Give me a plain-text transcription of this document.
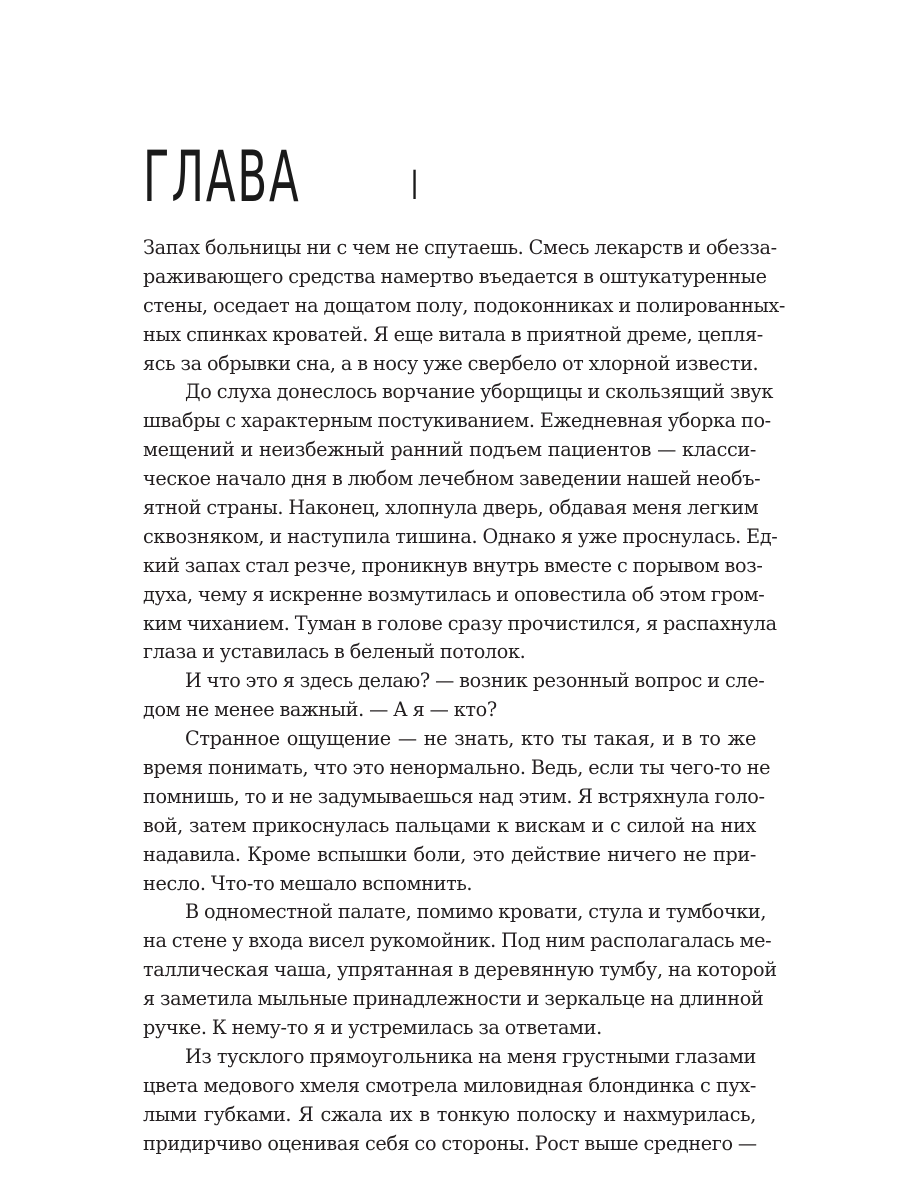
ГЛАВА	I
Запах больницы ни с чем не спутаешь. Смесь лекарств и обезза-
раживающего средства намертво въедается в оштукатуренные
стены, оседает на дощатом полу, подоконниках и полированных-
ных спинках кроватей. Я еще витала в приятной дреме, цепля-
ясь за обрывки сна, а в носу уже свербело от хлорной извести.
До слуха донеслось ворчание уборщицы и скользящий звук
швабры с характерным постукиванием. Ежедневная уборка по-
мещений и неизбежный ранний подъем пациентов — класси-
ческое начало дня в любом лечебном заведении нашей необъ-
ятной страны. Наконец, хлопнула дверь, обдавая меня легким
сквозняком, и наступила тишина. Однако я уже проснулась. Ед-
кий запах стал резче, проникнув внутрь вместе с порывом воз-
духа, чему я искренне возмутилась и оповестила об этом гром-
ким чиханием. Туман в голове сразу прочистился, я распахнула
глаза и уставилась в беленый потолок.
И что это я здесь делаю? — возник резонный вопрос и сле-
дом не менее важный. — А я — кто?
Странное ощущение — не знать, кто ты такая, и в то же
время понимать, что это ненормально. Ведь, если ты чего-то не
помнишь, то и не задумываешься над этим. Я встряхнула голо-
вой, затем прикоснулась пальцами к вискам и с силой на них
надавила. Кроме вспышки боли, это действие ничего не при-
несло. Что-то мешало вспомнить.
В одноместной палате, помимо кровати, стула и тумбочки,
на стене у входа висел рукомойник. Под ним располагалась ме-
таллическая чаша, упрятанная в деревянную тумбу, на которой
я заметила мыльные принадлежности и зеркальце на длинной
ручке. К нему-то я и устремилась за ответами.
Из тусклого прямоугольника на меня грустными глазами
цвета медового хмеля смотрела миловидная блондинка с пух-
лыми губками. Я сжала их в тонкую полоску и нахмурилась,
придирчиво оценивая себя со стороны. Рост выше среднего —
